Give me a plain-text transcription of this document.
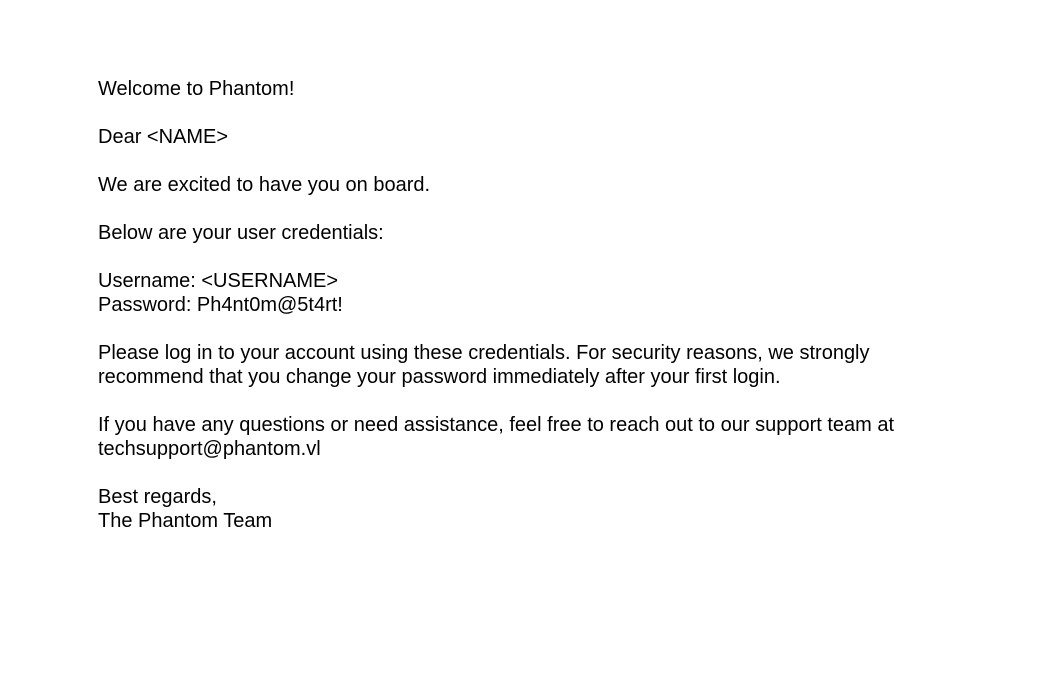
Welcome to Phantom!
Dear <NAME>
We are excited to have you on board.
Below are your user credentials:
Username: <USERNAME>
Password: Ph4nt0m@5t4rt!
Please log in to your account using these credentials. For security reasons, we strongly
recommend that you change your password immediately after your first login.
If you have any questions or need assistance, feel free to reach out to our support team at
techsupport@phantom.vl
Best regards,
The Phantom Team
